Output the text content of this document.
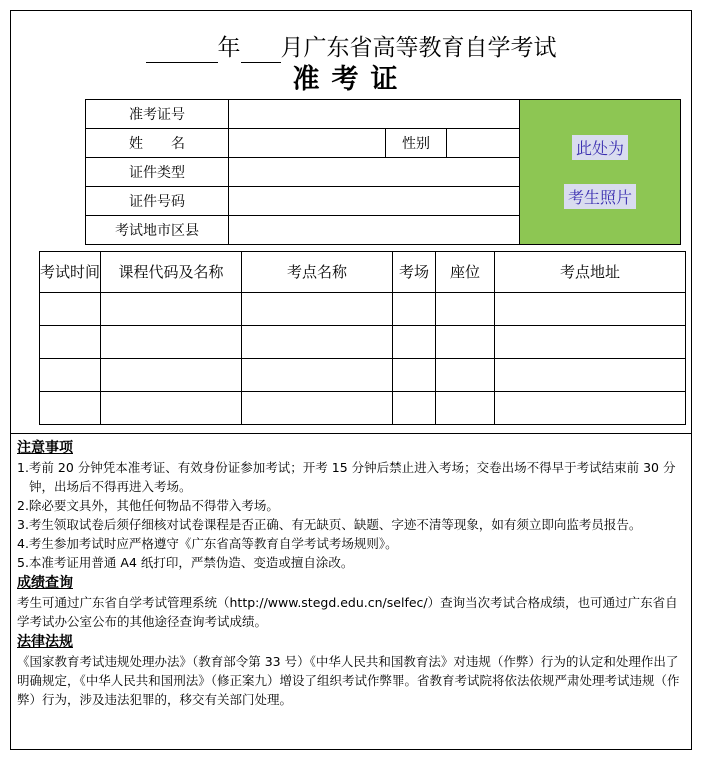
年 月广东省高等教育自学考试
准考证
准考证号				此处为
考生照片

姓　　名		性别		
证件类型				
证件号码				
考试地市区县				
考试时间	课程代码及名称	考点名称	考场	座位	考点地址

注意事项
1.考前 20 分钟凭本准考证、有效身份证参加考试；开考 15 分钟后禁止进入考场；交卷出场不得早于考试结束前 30 分钟，出场后不得再进入考场。
2.除必要文具外，其他任何物品不得带入考场。
3.考生领取试卷后须仔细核对试卷课程是否正确、有无缺页、缺题、字迹不清等现象，如有须立即向监考员报告。
4.考生参加考试时应严格遵守《广东省高等教育自学考试考场规则》。
5.本准考证用普通 A4 纸打印，严禁伪造、变造或擅自涂改。
成绩查询

考生可通过广东省自学考试管理系统（http://www.stegd.edu.cn/selfec/）查询当次考试合格成绩，也可通过广东省自学考试办公室公布的其他途径查询考试成绩。

法律法规

《国家教育考试违规处理办法》（教育部令第 33 号）《中华人民共和国教育法》对违规（作弊）行为的认定和处理作出了明确规定，《中华人民共和国刑法》（修正案九）增设了组织考试作弊罪。省教育考试院将依法依规严肃处理考试违规（作弊）行为，涉及违法犯罪的，移交有关部门处理。
